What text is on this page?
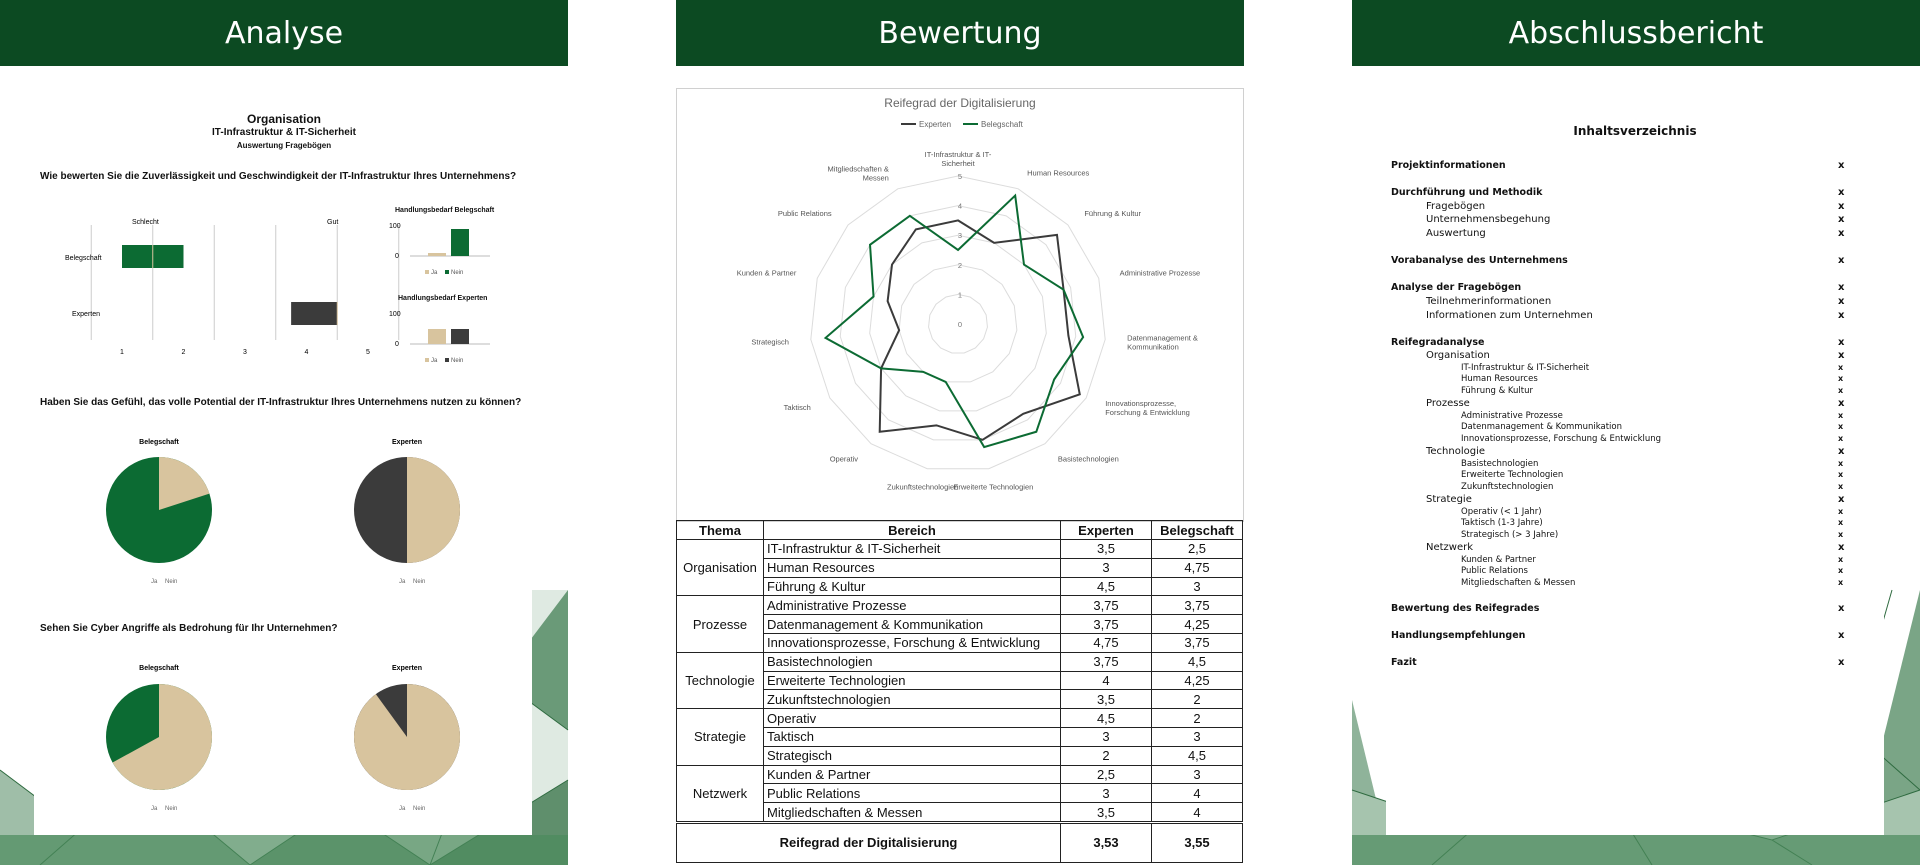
Analyse	Bewertung	Abschlussbericht
Organisation
IT-Infrastruktur & IT-Sicherheit
Auswertung Fragebögen
Wie bewerten Sie die Zuverlässigkeit und Geschwindigkeit der IT-Infrastruktur Ihres Unternehmens?
Haben Sie das Gefühl, das volle Potential der IT-Infrastruktur Ihres Unternehmens nutzen zu können?
Sehen Sie Cyber Angriffe als Bedrohung für Ihr Unternehmen?
Schlecht	Gut
Belegschaft
Experten
1	2	3	4	5
Handlungsbedarf Belegschaft
100
0
Ja Nein
Handlungsbedarf Experten
100
0
Ja Nein
Belegschaft	Experten
Ja Nein	Ja Nein
Belegschaft	Experten
Ja Nein	Ja Nein
Reifegrad der Digitalisierung
Experten	Belegschaft
0
1
2
3
4
5
IT-Infrastruktur & IT-Sicherheit
Human Resources
Führung & Kultur
Administrative Prozesse
Datenmanagement & Kommunikation
Innovationsprozesse, Forschung & Entwicklung
Basistechnologien
Erweiterte Technologien
Zukunftstechnologien
Operativ
Taktisch
Strategisch
Kunden & Partner
Public Relations
Mitgliedschaften & Messen
Thema	Bereich	Experten	Belegschaft
Organisation	IT-Infrastruktur & IT-Sicherheit	3,5	2,5
	Human Resources	3	4,75
	Führung & Kultur	4,5	3
Prozesse	Administrative Prozesse	3,75	3,75
	Datenmanagement & Kommunikation	3,75	4,25
	Innovationsprozesse, Forschung & Entwicklung	4,75	3,75
Technologie	Basistechnologien	3,75	4,5
	Erweiterte Technologien	4	4,25
	Zukunftstechnologien	3,5	2
Strategie	Operativ	4,5	2
	Taktisch	3	3
	Strategisch	2	4,5
Netzwerk	Kunden & Partner	2,5	3
	Public Relations	3	4
	Mitgliedschaften & Messen	3,5	4
Reifegrad der Digitalisierung		3,53	3,55
Inhaltsverzeichnis
Projektinformationen	x
Durchführung und Methodik	x
Fragebögen	x
Unternehmensbegehung	x
Auswertung	x
Vorabanalyse des Unternehmens	x
Analyse der Fragebögen	x
Teilnehmerinformationen	x
Informationen zum Unternehmen	x
Reifegradanalyse	x
Organisation	x
IT-Infrastruktur & IT-Sicherheit	x
Human Resources	x
Führung & Kultur	x
Prozesse	x
Administrative Prozesse	x
Datenmanagement & Kommunikation	x
Innovationsprozesse, Forschung & Entwicklung	x
Technologie	x
Basistechnologien	x
Erweiterte Technologien	x
Zukunftstechnologien	x
Strategie	x
Operativ (< 1 Jahr)	x
Taktisch (1-3 Jahre)	x
Strategisch (> 3 Jahre)	x
Netzwerk	x
Kunden & Partner	x
Public Relations	x
Mitgliedschaften & Messen	x
Bewertung des Reifegrades	x
Handlungsempfehlungen	x
Fazit	x
